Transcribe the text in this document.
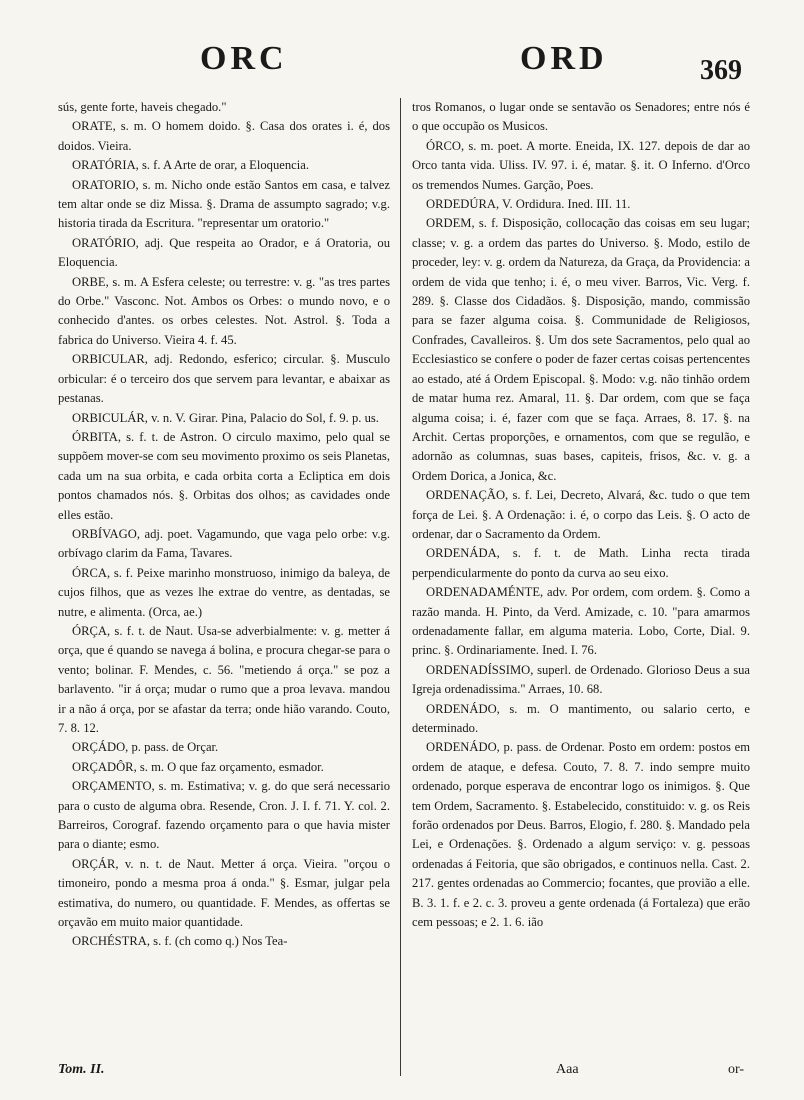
ORC	ORD	369

sús, gente forte, haveis chegado."

ORATE, s. m. O homem doido. §. Casa dos orates i. é, dos doidos. Vieira.

ORATÓRIA, s. f. A Arte de orar, a Eloquencia.

ORATORIO, s. m. Nicho onde estão Santos em casa, e talvez tem altar onde se diz Missa. §. Drama de assumpto sagrado; v.g. historia tirada da Escritura. "representar um oratorio."

ORATÓRIO, adj. Que respeita ao Orador, e á Oratoria, ou Eloquencia.

ORBE, s. m. A Esfera celeste; ou terrestre: v. g. "as tres partes do Orbe." Vasconc. Not. Ambos os Orbes: o mundo novo, e o conhecido d'antes. os orbes celestes. Not. Astrol. §. Toda a fabrica do Universo. Vieira 4. f. 45.

ORBICULAR, adj. Redondo, esferico; circular. §. Musculo orbicular: é o terceiro dos que servem para levantar, e abaixar as pestanas.

ORBICULÁR, v. n. V. Girar. Pina, Palacio do Sol, f. 9. p. us.

ÓRBITA, s. f. t. de Astron. O circulo maximo, pelo qual se suppõem mover-se com seu movimento proximo os seis Planetas, cada um na sua orbita, e cada orbita corta a Ecliptica em dois pontos chamados nós. §. Orbitas dos olhos; as cavidades onde elles estão.

ORBÍVAGO, adj. poet. Vagamundo, que vaga pelo orbe: v.g. orbívago clarim da Fama, Tavares.

ÓRCA, s. f. Peixe marinho monstruoso, inimigo da baleya, de cujos filhos, que as vezes lhe extrae do ventre, as dentadas, se nutre, e alimenta. (Orca, ae.)

ÓRÇA, s. f. t. de Naut. Usa-se adverbialmente: v. g. metter á orça, que é quando se navega á bolina, e procura chegar-se para o vento; bolinar. F. Mendes, c. 56. "metiendo á orça." se poz a barlavento. "ir á orça; mudar o rumo que a proa levava. mandou ir a não á orça, por se afastar da terra; onde hião varando. Couto, 7. 8. 12.

ORÇÁDO, p. pass. de Orçar.

ORÇADÔR, s. m. O que faz orçamento, esmador.

ORÇAMENTO, s. m. Estimativa; v. g. do que será necessario para o custo de alguma obra. Resende, Cron. J. I. f. 71. Y. col. 2. Barreiros, Corograf. fazendo orçamento para o que havia mister para o diante; esmo.

ORÇÁR, v. n. t. de Naut. Metter á orça. Vieira. "orçou o timoneiro, pondo a mesma proa á onda." §. Esmar, julgar pela estimativa, do numero, ou quantidade. F. Mendes, as offertas se orçavão em muito maior quantidade.

ORCHÉSTRA, s. f. (ch como q.) Nos Tea-

tros Romanos, o lugar onde se sentavão os Senadores; entre nós é o que occupão os Musicos.

ÓRCO, s. m. poet. A morte. Eneida, IX. 127. depois de dar ao Orco tanta vida. Uliss. IV. 97. i. é, matar. §. it. O Inferno. d'Orco os tremendos Numes. Garção, Poes.

ORDEDÚRA, V. Ordidura. Ined. III. 11.

ORDEM, s. f. Disposição, collocação das coisas em seu lugar; classe; v. g. a ordem das partes do Universo. §. Modo, estilo de proceder, ley: v. g. ordem da Natureza, da Graça, da Providencia: a ordem de vida que tenho; i. é, o meu viver. Barros, Vic. Verg. f. 289. §. Classe dos Cidadãos. §. Disposição, mando, commissão para se fazer alguma coisa. §. Communidade de Religiosos, Confrades, Cavalleiros. §. Um dos sete Sacramentos, pelo qual ao Ecclesiastico se confere o poder de fazer certas coisas pertencentes ao estado, até á Ordem Episcopal. §. Modo: v.g. não tinhão ordem de matar huma rez. Amaral, 11. §. Dar ordem, com que se faça alguma coisa; i. é, fazer com que se faça. Arraes, 8. 17. §. na Archit. Certas proporções, e ornamentos, com que se regulão, e adornão as columnas, suas bases, capiteis, frisos, &c. v. g. a Ordem Dorica, a Jonica, &c.

ORDENAÇÃO, s. f. Lei, Decreto, Alvará, &c. tudo o que tem força de Lei. §. A Ordenação: i. é, o corpo das Leis. §. O acto de ordenar, dar o Sacramento da Ordem.

ORDENÁDA, s. f. t. de Math. Linha recta tirada perpendicularmente do ponto da curva ao seu eixo.

ORDENADAMÉNTE, adv. Por ordem, com ordem. §. Como a razão manda. H. Pinto, da Verd. Amizade, c. 10. "para amarmos ordenadamente fallar, em alguma materia. Lobo, Corte, Dial. 9. princ. §. Ordinariamente. Ined. I. 76.

ORDENADÍSSIMO, superl. de Ordenado. Glorioso Deus a sua Igreja ordenadissima." Arraes, 10. 68.

ORDENÁDO, s. m. O mantimento, ou salario certo, e determinado.

ORDENÁDO, p. pass. de Ordenar. Posto em ordem: postos em ordem de ataque, e defesa. Couto, 7. 8. 7. indo sempre muito ordenado, porque esperava de encontrar logo os inimigos. §. Que tem Ordem, Sacramento. §. Estabelecido, constituido: v. g. os Reis forão ordenados por Deus. Barros, Elogio, f. 280. §. Mandado pela Lei, e Ordenações. §. Ordenado a algum serviço: v. g. pessoas ordenadas á Feitoria, que são obrigados, e continuos nella. Cast. 2. 217. gentes ordenadas ao Commercio; focantes, que provião a elle. B. 3. 1. f. e 2. c. 3. proveu a gente ordenada (á Fortaleza) que erão cem pessoas; e 2. 1. 6. ião

Tom. II.	Aaa	or-
